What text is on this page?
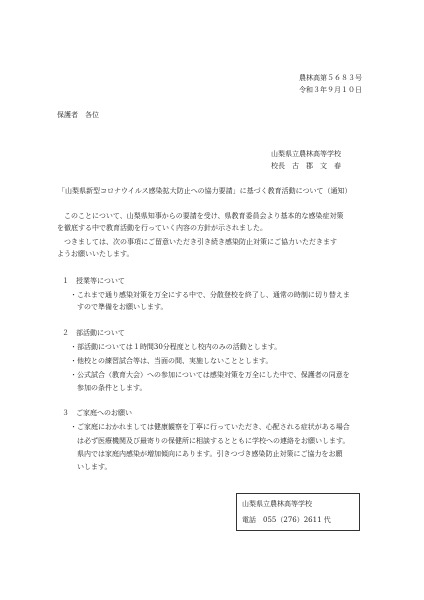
農林高第５６８３号
令和３年９月１０日
保護者　各位
山梨県立農林高等学校
校長　古　郡　文　春
「山梨県新型コロナウイルス感染拡大防止への協力要請」に基づく教育活動について（通知）
　このことについて、山梨県知事からの要請を受け、県教育委員会より基本的な感染症対策
を徹底する中で教育活動を行っていく内容の方針が示されました。
　つきましては、次の事項にご留意いただき引き続き感染防止対策にご協力いただきます
ようお願いいたします。
１　授業等について
・これまで通り感染対策を万全にする中で、分散登校を終了し、通常の時制に切り替えま
　すので準備をお願いします。
２　部活動について
・部活動については１時間30分程度とし校内のみの活動とします。
・他校との練習試合等は、当面の間、実施しないこととします。
・公式試合（教育大会）への参加については感染対策を万全にした中で、保護者の同意を
　参加の条件とします。
３　ご家庭へのお願い
・ご家庭におかれましては健康観察を丁寧に行っていただき、心配される症状がある場合
　は必ず医療機関及び最寄りの保健所に相談するとともに学校への連絡をお願いします。
　県内では家庭内感染が増加傾向にあります。引きつづき感染防止対策にご協力をお願
　いします。
山梨県立農林高等学校
電話　055（276）2611 代
